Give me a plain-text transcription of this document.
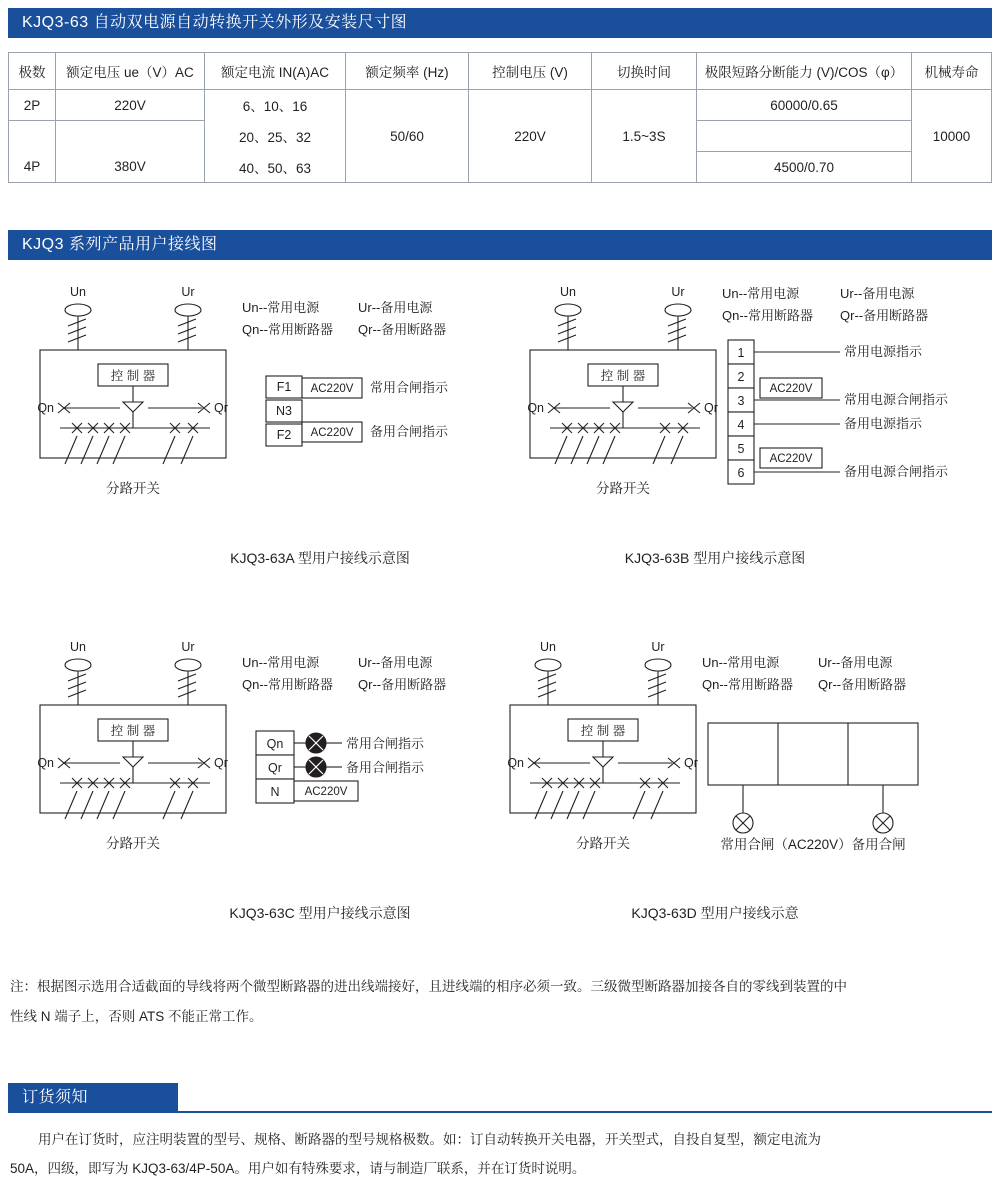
KJQ3-63 自动双电源自动转换开关外形及安装尺寸图
极数	额定电压 ue（V）AC	额定电流 IN(A)AC	额定频率 (Hz)	控制电压 (V)	切换时间	极限短路分断能力 (V)/COS（φ）	机械寿命
2P	220V	6、10、16				60000/0.65	
		20、25、32	50/60	220V	1.5~3S		10000
4P	380V	40、50、63				4500/0.70	
KJQ3 系列产品用户接线图
Un	Ur
控 制 器
F1
N3
F2
AC220V
AC220V
分路开关
Qn	Qr
Un--常用电源	Ur--备用电源
Qn--常用断路器 Qr--备用断路器
常用合闸指示
备用合闸指示
KJQ3-63A 型用户接线示意图
Un	Ur
控 制 器
1
2
3
4
5
6
AC220V
AC220V
分路开关
Qn	Qr
Un--常用电源	Ur--备用电源
Qn--常用断路器 Qr--备用断路器
常用电源指示
常用电源合闸指示
备用电源指示
备用电源合闸指示
KJQ3-63B 型用户接线示意图
Un	Ur
控 制 器
Qn
Qr
N AC220V
分路开关
Qn	Qr
Un--常用电源	Ur--备用电源
Qn--常用断路器 Qr--备用断路器
常用合闸指示
备用合闸指示
KJQ3-63C 型用户接线示意图
Un	Ur
控 制 器
分路开关	常用合闸（AC220V）备用合闸
Qn	Qr
Un--常用电源	Ur--备用电源
Qn--常用断路器 Qr--备用断路器
KJQ3-63D 型用户接线示意
注：根据图示选用合适截面的导线将两个微型断路器的进出线端接好，且进线端的相序必须一致。三级微型断路器加接各自的零线到装置的中
性线 N 端子上，否则 ATS 不能正常工作。
订货须知
用户在订货时，应注明装置的型号、规格、断路器的型号规格极数。如：订自动转换开关电器，开关型式，自投自复型，额定电流为
50A，四级，即写为 KJQ3-63/4P-50A。用户如有特殊要求，请与制造厂联系，并在订货时说明。
